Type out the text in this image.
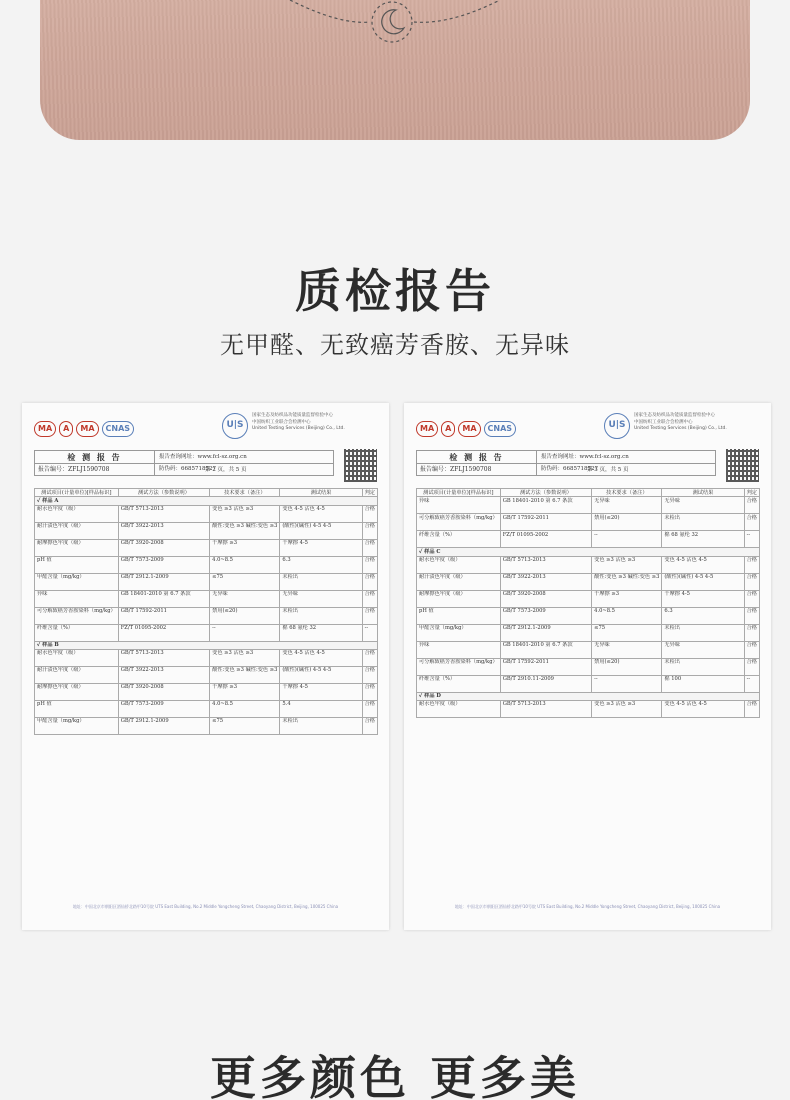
质检报告
无甲醛、无致癌芳香胺、无异味
MA	A	MA	CNAS	U|S
国家生态及纺织品功能质量监督检验中心
中国纺织工业联合会检测中心
United Testing Services (Beijing) Co., Ltd.
检 测 报 告	报告查询网址：www.fcl-sz.org.cn
防伪码：6685718527
报告编号：ZFLJ1590708	第 2 页，共 5 页
测试项目(计量单位)[样品标识]	测试方法（参数说明）	技术要求（备注）	测试结果	判定
✓ 样品 A				
耐水色牢度（级）	GB/T 5713-2013	变色 ≥3 沾色 ≥3	变色 4-5 沾色 4-5	合格
耐汗渍色牢度（级）	GB/T 3922-2013	酸性:变色 ≥3 碱性:变色 ≥3	(酸性)(碱性) 4-5 4-5	合格
耐摩擦色牢度（级）	GB/T 3920-2008	干摩擦 ≥3	干摩擦 4-5	合格
pH 值	GB/T 7573-2009	4.0~8.5	6.3	合格
甲醛含量（mg/kg）	GB/T 2912.1-2009	≤75	未检出	合格
异味	GB 18401-2010 第 6.7 条款	无异味	无异味	合格
可分解致癌芳香胺染料（mg/kg）	GB/T 17592-2011	禁用(≤20)	未检出	合格
纤维含量（%）	FZ/T 01095-2002	--	棉 68 氨纶 32	--
✓ 样品 B				
耐水色牢度（级）	GB/T 5713-2013	变色 ≥3 沾色 ≥3	变色 4-5 沾色 4-5	合格
耐汗渍色牢度（级）	GB/T 3922-2013	酸性:变色 ≥3 碱性:变色 ≥3	(酸性)(碱性) 4-5 4-5	合格
耐摩擦色牢度（级）	GB/T 3920-2008	干摩擦 ≥3	干摩擦 4-5	合格
pH 值	GB/T 7573-2009	4.0~8.5	5.4	合格
甲醛含量（mg/kg）	GB/T 2912.1-2009	≤75	未检出	合格
地址：中国北京市朝阳区酒仙桥北路甲10号院 UTS East Building, No.2 Middle Yongcheng Street, Chaoyang District, Beijing, 100025 China
MA	A	MA	CNAS	U|S
国家生态及纺织品功能质量监督检验中心
中国纺织工业联合会检测中心
United Testing Services (Beijing) Co., Ltd.
检 测 报 告	报告查询网址：www.fcl-sz.org.cn
防伪码：6685718527
报告编号：ZFLJ1590708	第 3 页，共 5 页
测试项目(计量单位)[样品标识]	测试方法（参数说明）	技术要求（备注）	测试结果	判定
异味	GB 18401-2010 第 6.7 条款	无异味	无异味	合格
可分解致癌芳香胺染料（mg/kg）	GB/T 17592-2011	禁用(≤20)	未检出	合格
纤维含量（%）	FZ/T 01095-2002	--	棉 68 氨纶 32	--
✓ 样品 C				
耐水色牢度（级）	GB/T 5713-2013	变色 ≥3 沾色 ≥3	变色 4-5 沾色 4-5	合格
耐汗渍色牢度（级）	GB/T 3922-2013	酸性:变色 ≥3 碱性:变色 ≥3	(酸性)(碱性) 4-5 4-5	合格
耐摩擦色牢度（级）	GB/T 3920-2008	干摩擦 ≥3	干摩擦 4-5	合格
pH 值	GB/T 7573-2009	4.0~8.5	6.3	合格
甲醛含量（mg/kg）	GB/T 2912.1-2009	≤75	未检出	合格
异味	GB 18401-2010 第 6.7 条款	无异味	无异味	合格
可分解致癌芳香胺染料（mg/kg）	GB/T 17592-2011	禁用(≤20)	未检出	合格
纤维含量（%）	GB/T 2910.11-2009	--	棉 100	--
✓ 样品 D				
耐水色牢度（级）	GB/T 5713-2013	变色 ≥3 沾色 ≥3	变色 4-5 沾色 4-5	合格
地址：中国北京市朝阳区酒仙桥北路甲10号院 UTS East Building, No.2 Middle Yongcheng Street, Chaoyang District, Beijing, 100025 China
更多颜色 更多美
